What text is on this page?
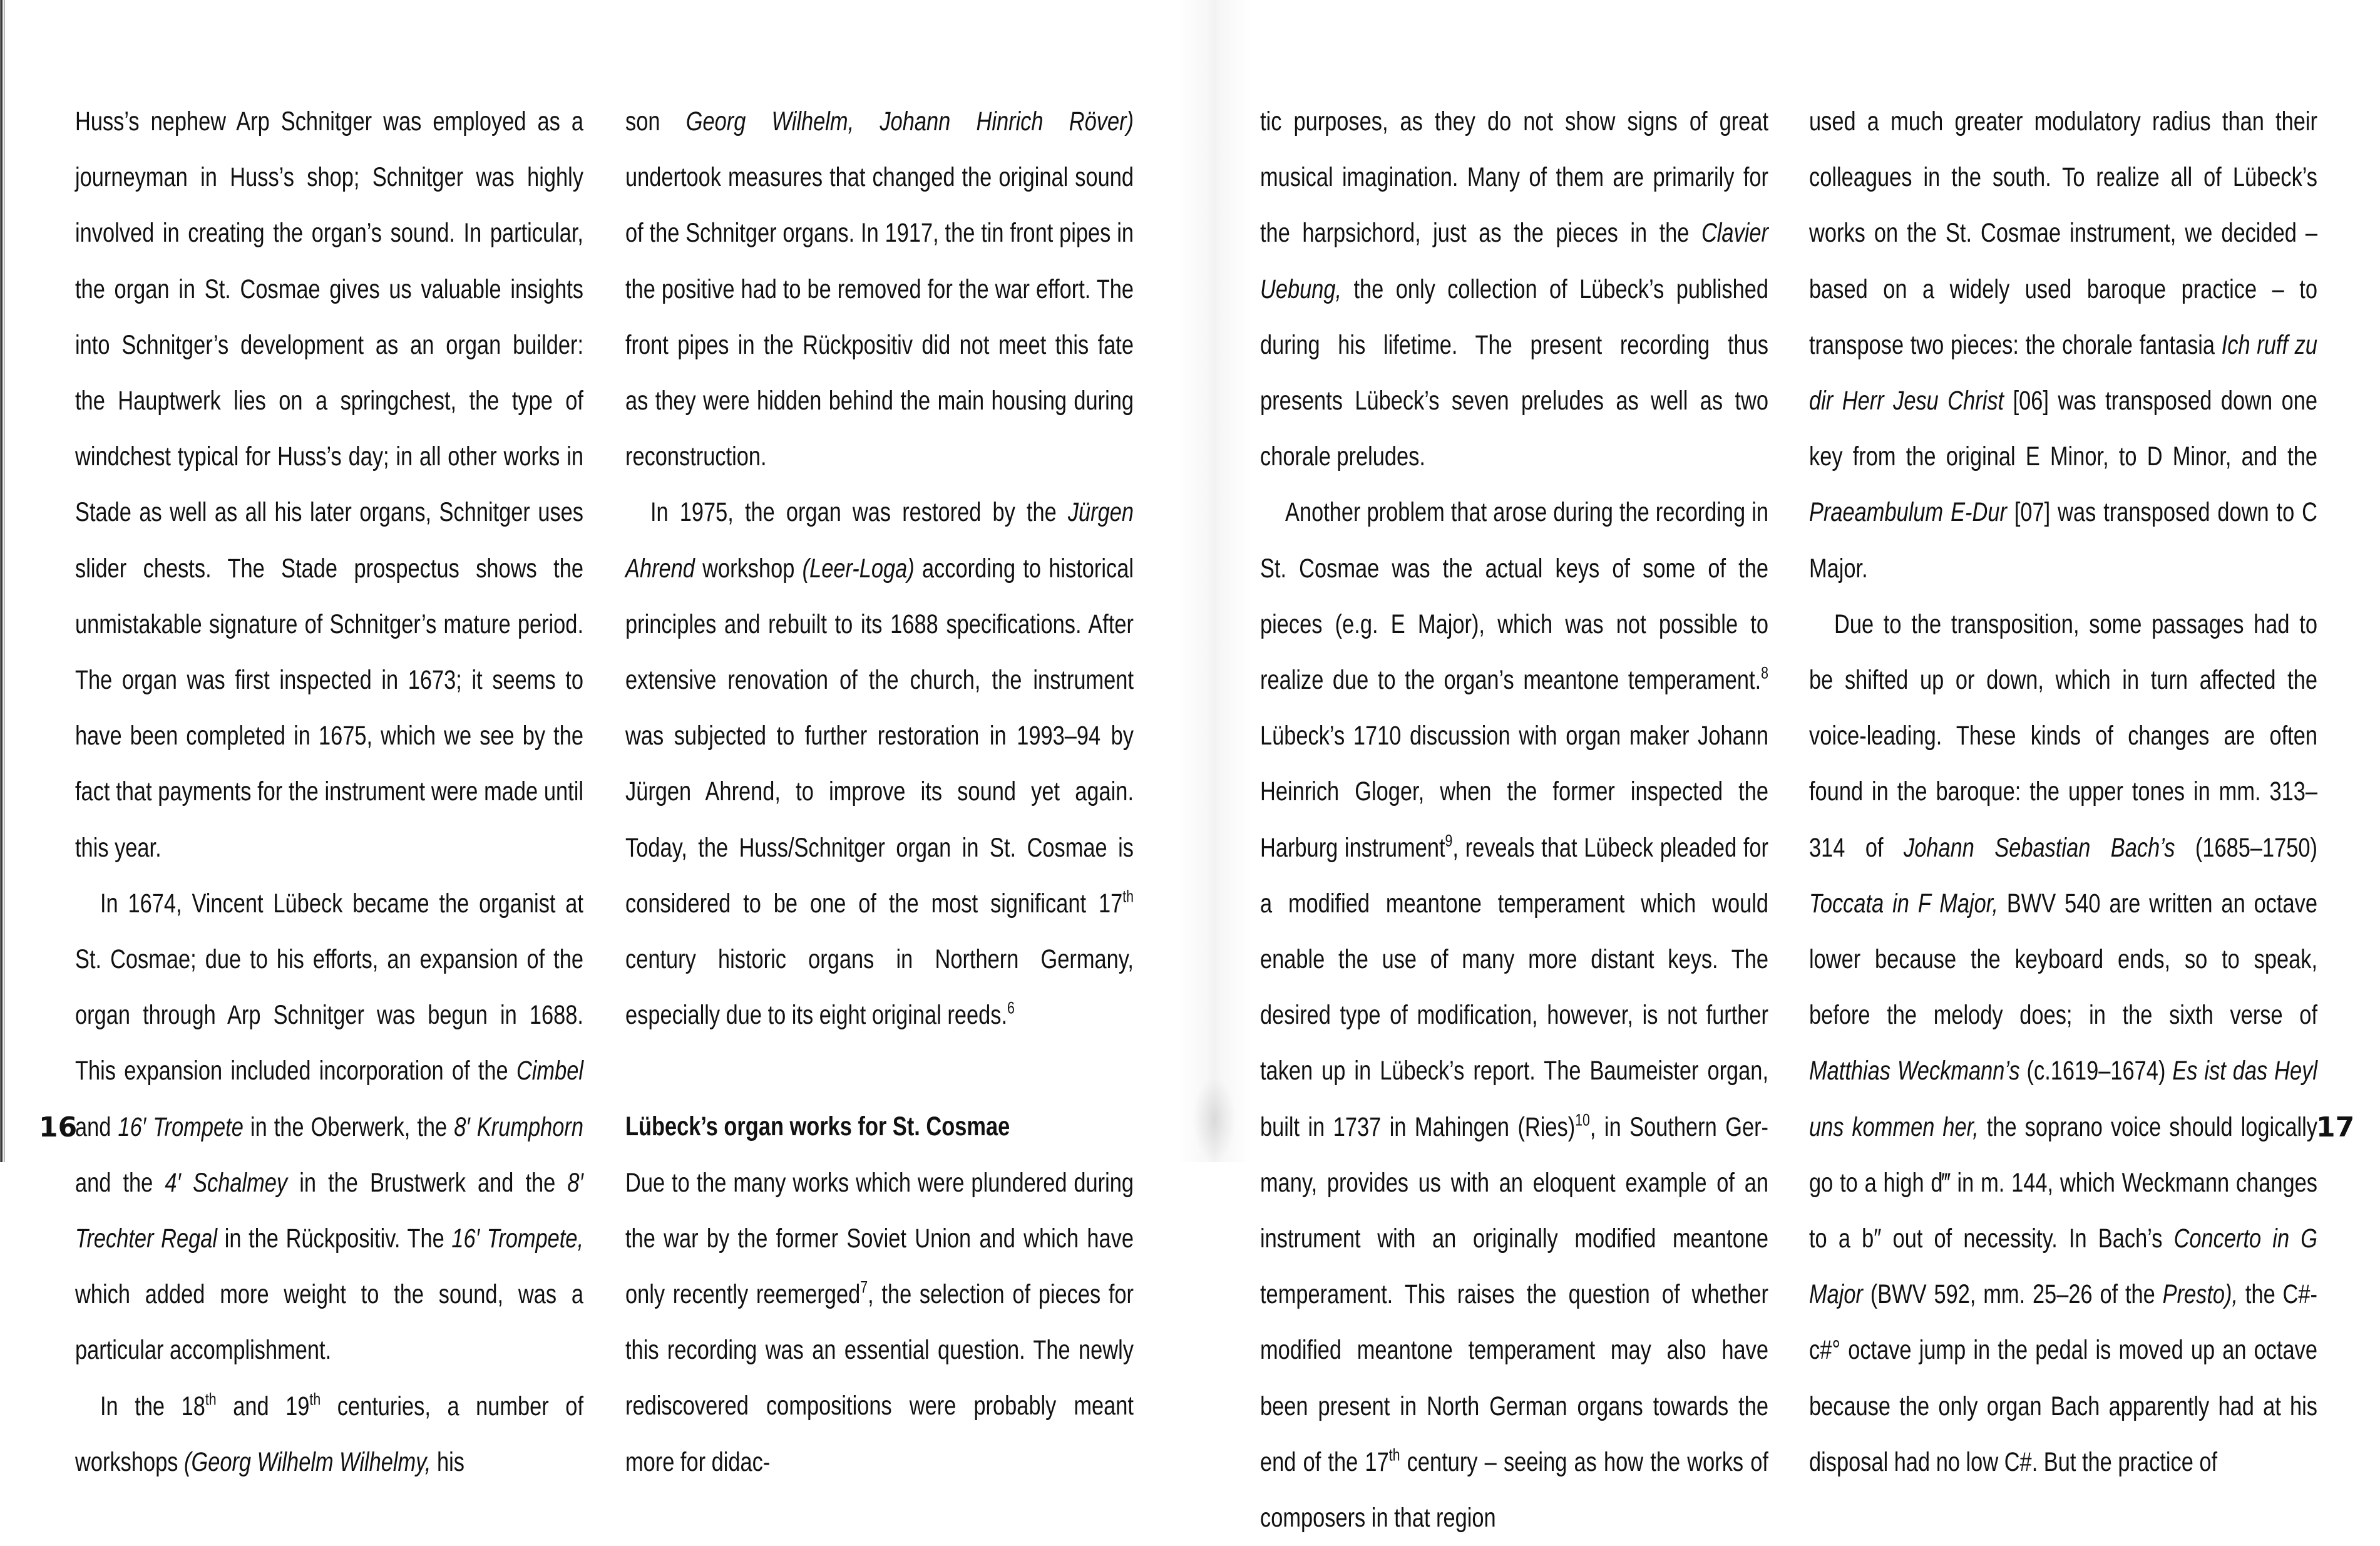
Huss’s nephew Arp Schnitger was employed as a journeyman in Huss’s shop; Schnitger was highly involved in creating the organ’s sound. In particular, the organ in St. Cosmae gives us valuable insights into Schnitger’s development as an organ builder: the Hauptwerk lies on a springchest, the type of windchest typical for Huss’s day; in all other works in Stade as well as all his later organs, Schnitger uses slider chests. The Stade prospectus shows the unmistakable signature of Schnitger’s mature period. The organ was first inspected in 1673; it seems to have been completed in 1675, which we see by the fact that payments for the instrument were made until this year.

In 1674, Vincent Lübeck became the organist at St. Cosmae; due to his efforts, an expansion of the organ through Arp Schnitger was begun in 1688. This expansion included incorporation of the Cimbel and 16′ Trompete in the Oberwerk, the 8′ Krumphorn and the 4′ Schalmey in the Brustwerk and the 8′ Trechter Regal in the Rückpositiv. The 16′ Trompete, which added more weight to the sound, was a particular accomplishment.

In the 18th and 19th centuries, a number of workshops (Georg Wilhelm Wilhelmy, his

son Georg Wilhelm, Johann Hinrich Röver) undertook measures that changed the original sound of the Schnitger organs. In 1917, the tin front pipes in the positive had to be removed for the war effort. The front pipes in the Rückpositiv did not meet this fate as they were hidden behind the main housing during reconstruction.

In 1975, the organ was restored by the Jürgen Ahrend workshop (Leer-Loga) according to historical principles and rebuilt to its 1688 specifications. After extensive renovation of the church, the instrument was subjected to further restoration in 1993–94 by Jürgen Ahrend, to improve its sound yet again. Today, the Huss/Schnitger organ in St. Cosmae is considered to be one of the most significant 17th century historic organs in Northern Germany, especially due to its eight original reeds.$^6$

Lübeck’s organ works for St. Cosmae

Due to the many works which were plundered during the war by the former Soviet Union and which have only recently reemerged$^7$, the selection of pieces for this recording was an essential question. The newly rediscovered compositions were probably meant more for didac-

tic purposes, as they do not show signs of great musical imagination. Many of them are primarily for the harpsichord, just as the pieces in the Clavier Uebung, the only collection of Lübeck’s published during his lifetime. The present recording thus presents Lübeck’s seven preludes as well as two chorale preludes.

Another problem that arose during the recording in St. Cosmae was the actual keys of some of the pieces (e.g. E Major), which was not possible to realize due to the organ’s meantone temperament.$^8$ Lübeck’s 1710 discussion with organ maker Johann Heinrich Gloger, when the former inspected the Harburg instrument$^9$, reveals that Lübeck pleaded for a modified meantone temperament which would enable the use of many more distant keys. The desired type of modification, however, is not further taken up in Lübeck’s report. The Baumeister organ, built in 1737 in Mahingen (Ries)$^{10}$, in Southern Germany, provides us with an eloquent example of an instrument with an originally modified meantone temperament. This raises the question of whether modified meantone temperament may also have been present in North German organs towards the end of the 17th century – seeing as how the works of composers in that region

used a much greater modulatory radius than their colleagues in the south. To realize all of Lübeck’s works on the St. Cosmae instrument, we decided – based on a widely used baroque practice – to transpose two pieces: the chorale fantasia Ich ruff zu dir Herr Jesu Christ [06] was transposed down one key from the original E Minor, to D Minor, and the Praeambulum E-Dur [07] was transposed down to C Major.

Due to the transposition, some passages had to be shifted up or down, which in turn affected the voice-leading. These kinds of changes are often found in the baroque: the upper tones in mm. 313–314 of Johann Sebastian Bach’s (1685–1750) Toccata in F Major, BWV 540 are written an octave lower because the keyboard ends, so to speak, before the melody does; in the sixth verse of Matthias Weckmann’s (c.1619–1674) Es ist das Heyl uns kommen her, the soprano voice should logically go to a high d‴ in m. 144, which Weckmann changes to a b″ out of necessity. In Bach’s Concerto in G Major (BWV 592, mm. 25–26 of the Presto), the C#-c#° octave jump in the pedal is moved up an octave because the only organ Bach apparently had at his disposal had no low C#. But the practice of

16	17
